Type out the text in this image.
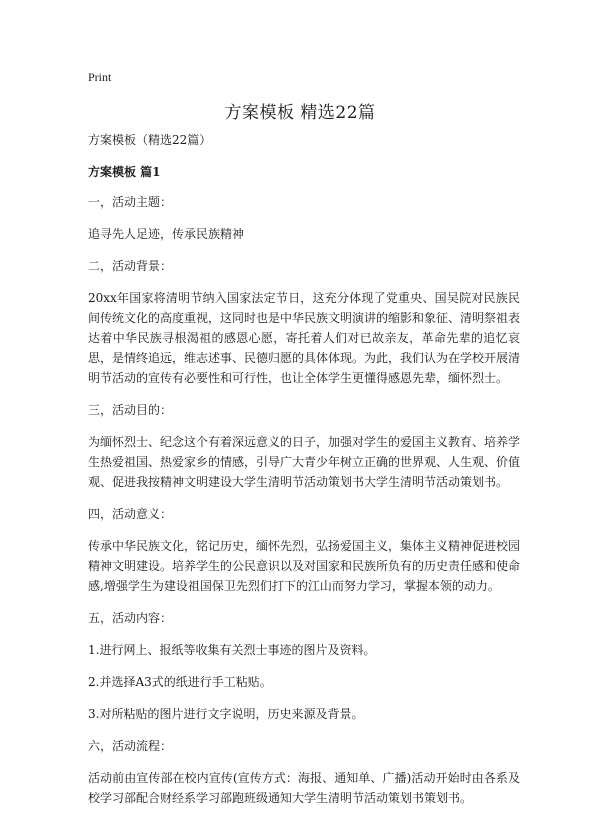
Print
方案模板 精选22篇

方案模板（精选22篇）

方案模板 篇1

一，活动主题：

追寻先人足迹，传承民族精神

二，活动背景：

20xx年国家将清明节纳入国家法定节日，这充分体现了党重央、国吴院对民族民间传统文化的高度重视，这同时也是中华民族文明演讲的缩影和象征、清明祭祖表达着中华民族寻根渴祖的感恩心愿，寄托着人们对已故亲友，革命先辈的追忆哀思，是情终追远，维志述事、民德归愿的具体体现。为此，我们认为在学校开展清明节活动的宣传有必要性和可行性，也让全体学生更懂得感恩先辈，缅怀烈士。

三，活动目的：

为缅怀烈士、纪念这个有着深远意义的日子，加强对学生的爱国主义教育、培养学生热爱祖国、热爱家乡的情感，引导广大青少年树立正确的世界观、人生观、价值观、促进我按精神文明建设大学生清明节活动策划书大学生清明节活动策划书。

四，活动意义：

传承中华民族文化，铭记历史，缅怀先烈，弘扬爱国主义，集体主义精神促进校园精神文明建设。培养学生的公民意识以及对国家和民族所负有的历史责任感和使命感,增强学生为建设祖国保卫先烈们打下的江山而努力学习，掌握本领的动力。

五，活动内容：

1.进行网上、报纸等收集有关烈士事迹的图片及资料。

2.并选择A3式的纸进行手工粘贴。

3.对所粘贴的图片进行文字说明，历史来源及背景。

六，活动流程：

活动前由宣传部在校内宣传(宣传方式：海报、通知单、广播)活动开始时由各系及校学习部配合财经系学习部跑班级通知大学生清明节活动策划书策划书。
